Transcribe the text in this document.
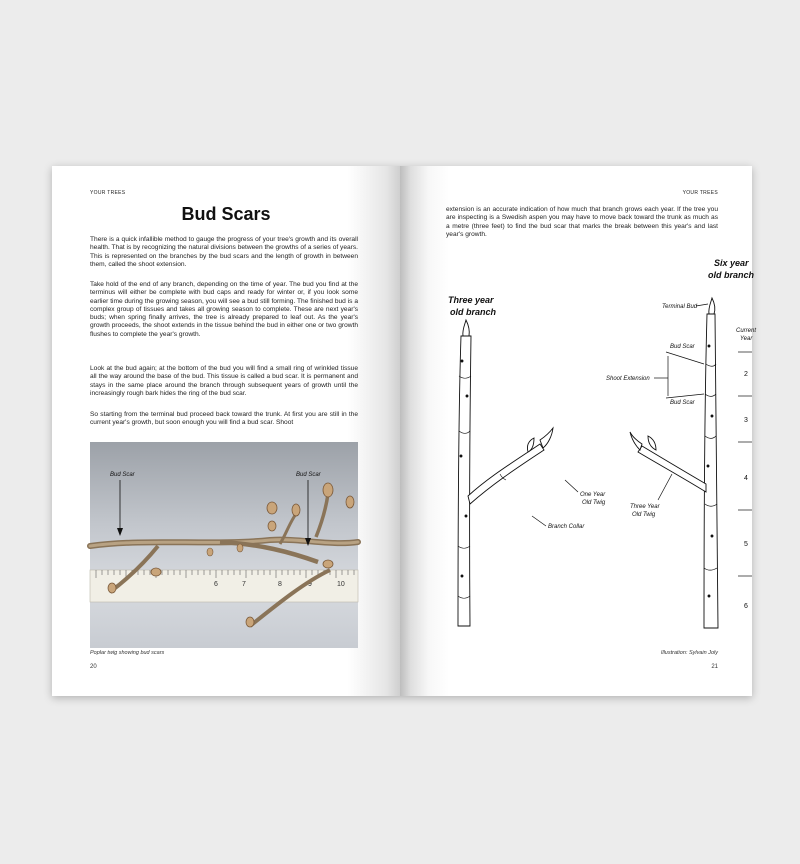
YOUR TREES
Bud Scars

There is a quick infallible method to gauge the progress of your tree's growth and its overall health. That is by recognizing the natural divisions between the growths of a series of years. This is represented on the branches by the bud scars and the length of growth in between them, called the shoot extension.

Take hold of the end of any branch, depending on the time of year. The bud you find at the terminus will either be complete with bud caps and ready for winter or, if you look some earlier time during the growing season, you will see a bud still forming. The finished bud is a complex group of tissues and takes all growing season to complete. These are next year's buds; when spring finally arrives, the tree is already prepared to leaf out. As the year's growth proceeds, the shoot extends in the tissue behind the bud in either one or two growth flushes to complete the year's growth.

Look at the bud again; at the bottom of the bud you will find a small ring of wrinkled tissue all the way around the base of the bud. This tissue is called a bud scar. It is permanent and stays in the same place around the branch through subsequent years of growth until the increasingly rough bark hides the ring of the bud scar.

So starting from the terminal bud proceed back toward the trunk. At first you are still in the current year's growth, but soon enough you will find a bud scar. Shoot

6	7	8	9	10
Bud Scar	Bud Scar
Poplar twig showing bud scars
20
YOUR TREES

extension is an accurate indication of how much that branch grows each year. If the tree you are inspecting is a Swedish aspen you may have to move back toward the trunk as much as a metre (three feet) to find the bud scar that marks the break between this year's and last year's growth.

Three year
old branch
One Year
Old Twig
Branch Collar
Six year
old branch
Terminal Bud
Bud Scar
Shoot Extension
Bud Scar
Three Year
Old Twig
Current
Year
2
3
4
5
6
Illustration: Sylvain Joly
21
